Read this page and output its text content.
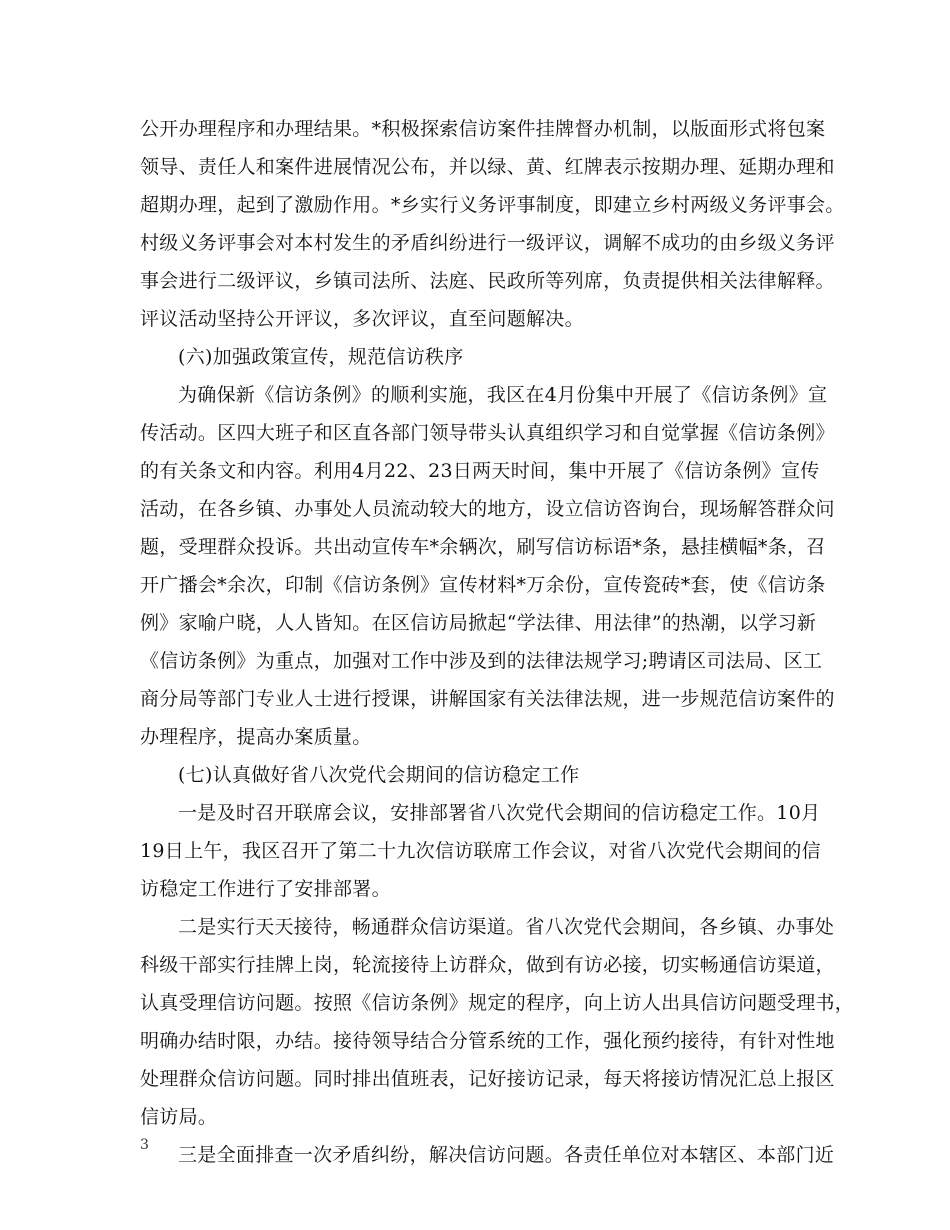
公开办理程序和办理结果。*积极探索信访案件挂牌督办机制，以版面形式将包案
领导、责任人和案件进展情况公布，并以绿、黄、红牌表示按期办理、延期办理和
超期办理，起到了激励作用。*乡实行义务评事制度，即建立乡村两级义务评事会。
村级义务评事会对本村发生的矛盾纠纷进行一级评议，调解不成功的由乡级义务评
事会进行二级评议，乡镇司法所、法庭、民政所等列席，负责提供相关法律解释。
评议活动坚持公开评议，多次评议，直至问题解决。
(六)加强政策宣传，规范信访秩序
为确保新《信访条例》的顺利实施，我区在4月份集中开展了《信访条例》宣
传活动。区四大班子和区直各部门领导带头认真组织学习和自觉掌握《信访条例》
的有关条文和内容。利用4月22、23日两天时间，集中开展了《信访条例》宣传
活动，在各乡镇、办事处人员流动较大的地方，设立信访咨询台，现场解答群众问
题，受理群众投诉。共出动宣传车*余辆次，刷写信访标语*条，悬挂横幅*条，召
开广播会*余次，印制《信访条例》宣传材料*万余份，宣传瓷砖*套，使《信访条
例》家喻户晓，人人皆知。在区信访局掀起“学法律、用法律”的热潮，以学习新
《信访条例》为重点，加强对工作中涉及到的法律法规学习;聘请区司法局、区工
商分局等部门专业人士进行授课，讲解国家有关法律法规，进一步规范信访案件的
办理程序，提高办案质量。
(七)认真做好省八次党代会期间的信访稳定工作
一是及时召开联席会议，安排部署省八次党代会期间的信访稳定工作。10月
19日上午，我区召开了第二十九次信访联席工作会议，对省八次党代会期间的信
访稳定工作进行了安排部署。
二是实行天天接待，畅通群众信访渠道。省八次党代会期间，各乡镇、办事处
科级干部实行挂牌上岗，轮流接待上访群众，做到有访必接，切实畅通信访渠道，
认真受理信访问题。按照《信访条例》规定的程序，向上访人出具信访问题受理书，
明确办结时限，办结。接待领导结合分管系统的工作，强化预约接待，有针对性地
处理群众信访问题。同时排出值班表，记好接访记录，每天将接访情况汇总上报区
信访局。
三是全面排查一次矛盾纠纷，解决信访问题。各责任单位对本辖区、本部门近
3
